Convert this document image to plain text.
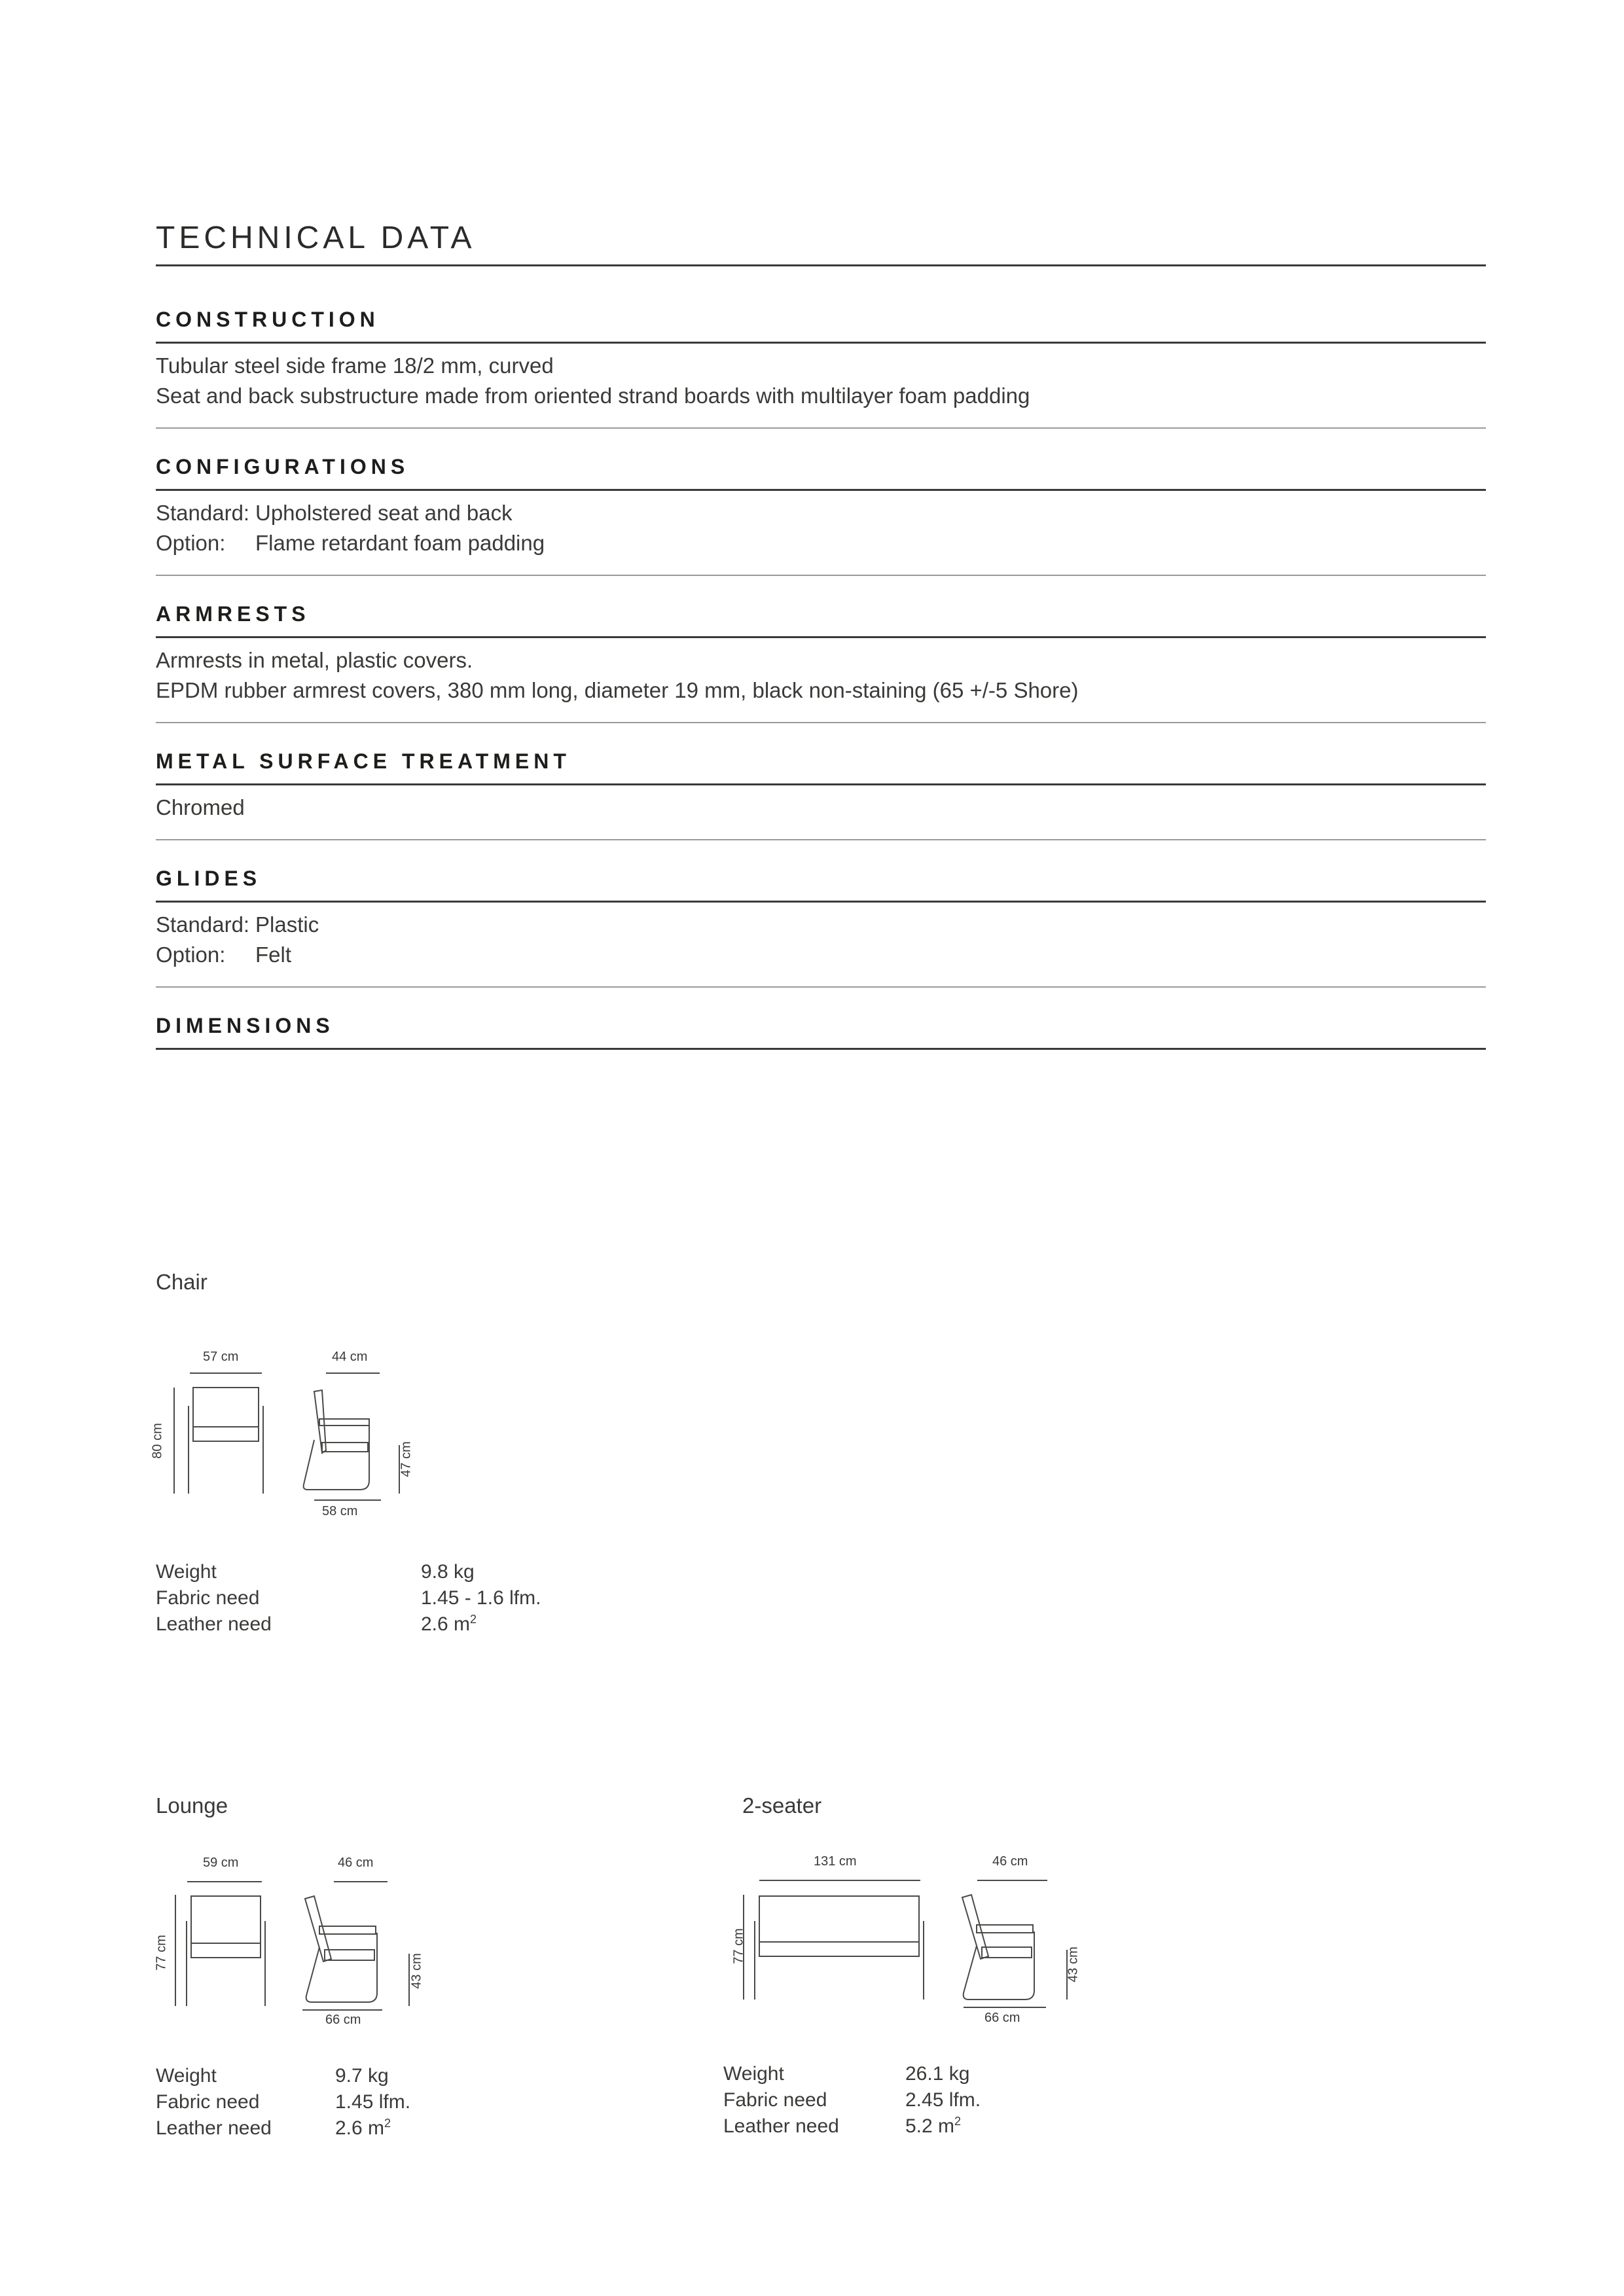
TECHNICAL DATA
CONSTRUCTION
Tubular steel side frame 18/2 mm, curved
Seat and back substructure made from oriented strand boards with multilayer foam padding
CONFIGURATIONS
Standard: Upholstered seat and back
Option: Flame retardant foam padding
ARMRESTS
Armrests in metal, plastic covers.
EPDM rubber armrest covers, 380 mm long, diameter 19 mm, black non-staining (65 +/-5 Shore)
METAL SURFACE TREATMENT
Chromed
GLIDES
Standard: Plastic
Option: Felt
DIMENSIONS
Chair
57 cm	44 cm
80 cm
47 cm
58 cm
Weight	9.8 kg
Fabric need	1.45 - 1.6 lfm.
Leather need	2.6 $m^2$
Lounge
59 cm	46 cm
77 cm
43 cm
66 cm
Weight	9.7 kg
Fabric need	1.45 lfm.
Leather need	2.6 $m^2$
2-seater
131 cm	46 cm
77 cm
43 cm
66 cm
Weight	26.1 kg
Fabric need	2.45 lfm.
Leather need	5.2 $m^2$
